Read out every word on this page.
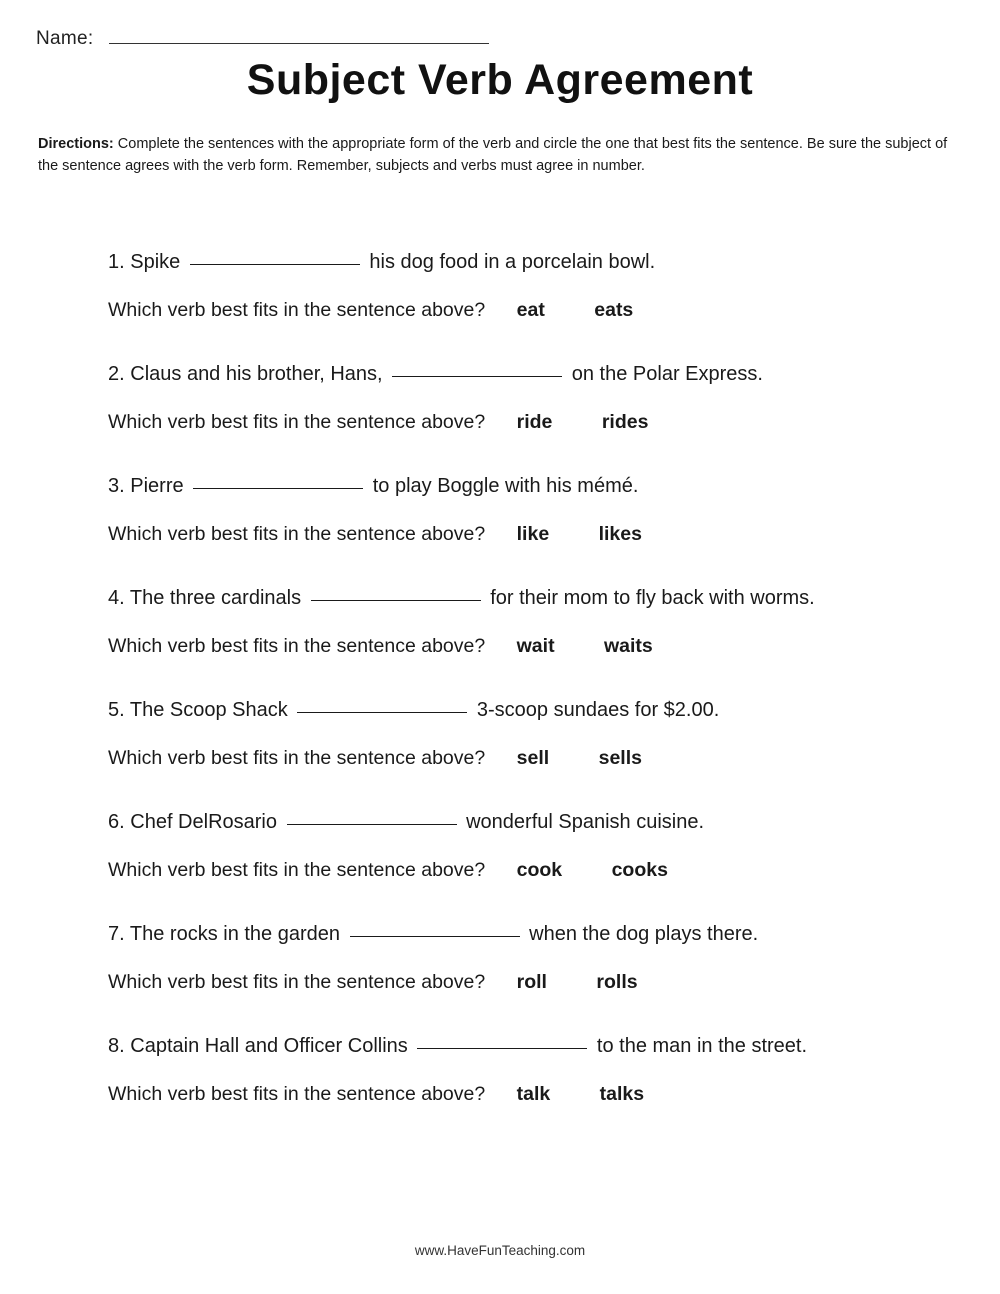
Name:
Subject Verb Agreement
Directions: Complete the sentences with the appropriate form of the verb and circle the one that best fits the sentence. Be sure the subject of the sentence agrees with the verb form. Remember, subjects and verbs must agree in number.
1. Spike	his dog food in a porcelain bowl.
Which verb best fits in the sentence above? eat	eats
2. Claus and his brother, Hans,	on the Polar Express.
Which verb best fits in the sentence above? ride	rides
3. Pierre	to play Boggle with his mémé.
Which verb best fits in the sentence above? like	likes
4. The three cardinals	for their mom to fly back with worms.
Which verb best fits in the sentence above? wait	waits
5. The Scoop Shack	3-scoop sundaes for $2.00.
Which verb best fits in the sentence above? sell	sells
6. Chef DelRosario	wonderful Spanish cuisine.
Which verb best fits in the sentence above? cook	cooks
7. The rocks in the garden	when the dog plays there.
Which verb best fits in the sentence above? roll	rolls
8. Captain Hall and Officer Collins	to the man in the street.
Which verb best fits in the sentence above? talk	talks
www.HaveFunTeaching.com
